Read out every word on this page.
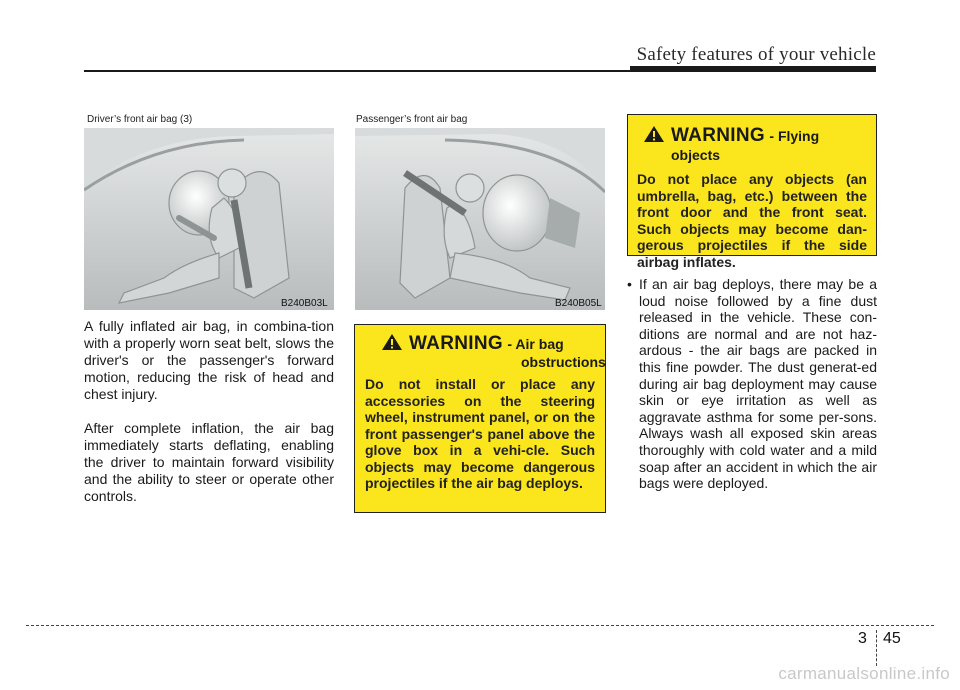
Safety features of your vehicle
Driver’s front air bag (3)
B240B03L
Passenger’s front air bag
B240B05L

A fully inflated air bag, in combina-tion with a properly worn seat belt, slows the driver's or the passenger's forward motion, reducing the risk of head and chest injury.

After complete inflation, the air bag immediately starts deflating, enabling the driver to maintain forward visibility and the ability to steer or operate other controls.

WARNING - Air bag
obstructions
Do not install or place any accessories on the steering wheel, instrument panel, or on the front passenger's panel above the glove box in a vehi-cle. Such objects may become dangerous projectiles if the air bag deploys.
WARNING - Flying objects
Do not place any objects (an umbrella, bag, etc.) between the front door and the front seat. Such objects may become dan-gerous projectiles if the side airbag inflates.
• If an air bag deploys, there may be a loud noise followed by a fine dust released in the vehicle. These con-ditions are normal and are not haz-ardous - the air bags are packed in this fine powder. The dust generat-ed during air bag deployment may cause skin or eye irritation as well as aggravate asthma for some per-sons. Always wash all exposed skin areas thoroughly with cold water and a mild soap after an accident in which the air bags were deployed.
3 45
carmanualsonline.info
